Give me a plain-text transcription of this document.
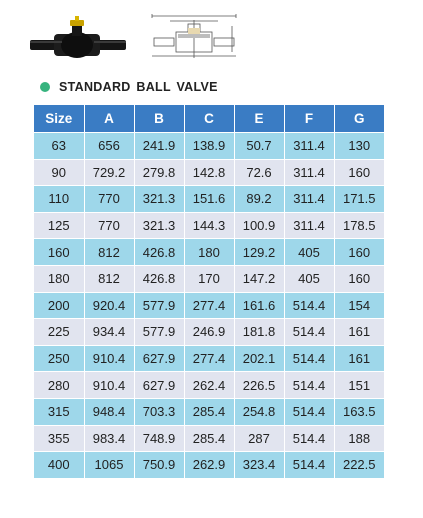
STANDARD BALL VALVE
Size	A	B	C	E	F	G
63	656	241.9	138.9	50.7	311.4	130
90	729.2	279.8	142.8	72.6	311.4	160
110	770	321.3	151.6	89.2	311.4	171.5
125	770	321.3	144.3	100.9	311.4	178.5
160	812	426.8	180	129.2	405	160
180	812	426.8	170	147.2	405	160
200	920.4	577.9	277.4	161.6	514.4	154
225	934.4	577.9	246.9	181.8	514.4	161
250	910.4	627.9	277.4	202.1	514.4	161
280	910.4	627.9	262.4	226.5	514.4	151
315	948.4	703.3	285.4	254.8	514.4	163.5
355	983.4	748.9	285.4	287	514.4	188
400	1065	750.9	262.9	323.4	514.4	222.5
